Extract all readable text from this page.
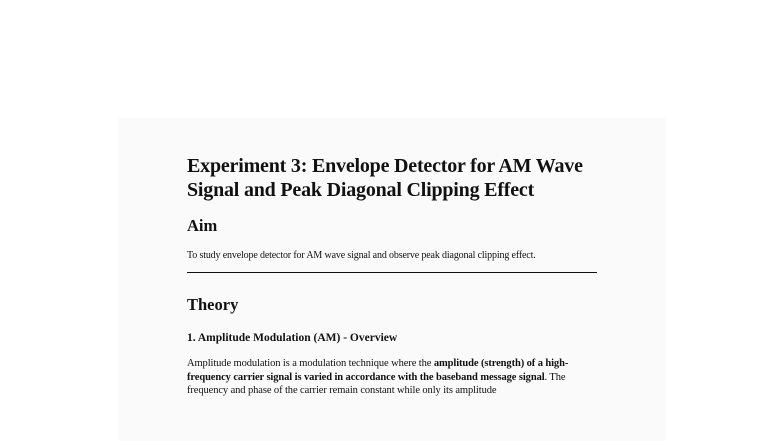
Experiment 3: Envelope Detector for AM Wave Signal and Peak Diagonal Clipping Effect
Aim

To study envelope detector for AM wave signal and observe peak diagonal clipping effect.

Theory
1. Amplitude Modulation (AM) - Overview

Amplitude modulation is a modulation technique where the amplitude (strength) of a high-frequency carrier signal is varied in accordance with the baseband message signal. The frequency and phase of the carrier remain constant while only its amplitude
